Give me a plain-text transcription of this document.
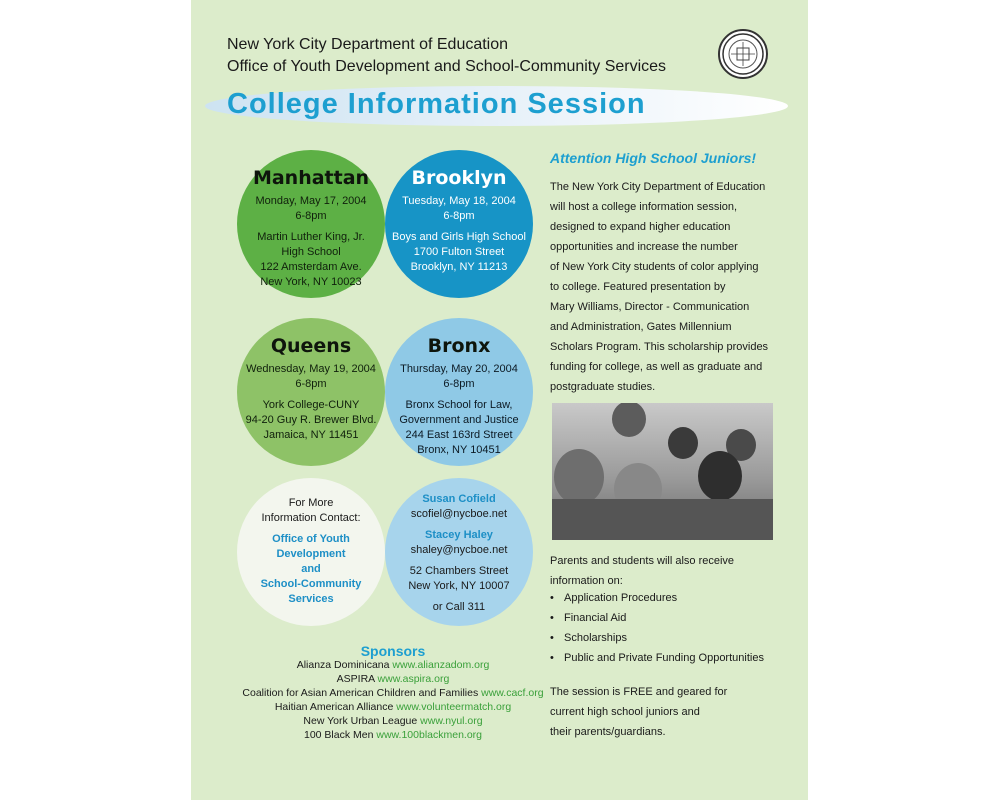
New York City Department of Education
Office of Youth Development and School-Community Services
College Information Session
Manhattan
Monday, May 17, 2004
6-8pm
Martin Luther King, Jr.
High School
122 Amsterdam Ave.
New York, NY 10023
Brooklyn
Tuesday, May 18, 2004
6-8pm
Boys and Girls High School
1700 Fulton Street
Brooklyn, NY 11213
Queens
Wednesday, May 19, 2004
6-8pm
York College-CUNY
94-20 Guy R. Brewer Blvd.
Jamaica, NY 11451
Bronx
Thursday, May 20, 2004
6-8pm
Bronx School for Law,
Government and Justice
244 East 163rd Street
Bronx, NY 10451
For More
Information Contact:
Office of Youth
Development
and
School-Community
Services
Susan Cofield
scofiel@nycboe.net
Stacey Haley
shaley@nycboe.net
52 Chambers Street
New York, NY 10007
or Call 311
Sponsors
Alianza Dominicana www.alianzadom.org
ASPIRA www.aspira.org
Coalition for Asian American Children and Families www.cacf.org
Haitian American Alliance www.volunteermatch.org
New York Urban League www.nyul.org
100 Black Men www.100blackmen.org
Attention High School Juniors!
The New York City Department of Education
will host a college information session,
designed to expand higher education
opportunities and increase the number
of New York City students of color applying
to college. Featured presentation by
Mary Williams, Director - Communication
and Administration, Gates Millennium
Scholars Program. This scholarship provides
funding for college, as well as graduate and
postgraduate studies.
Parents and students will also receive
information on:
• Application Procedures
• Financial Aid
• Scholarships
• Public and Private Funding Opportunities
The session is FREE and geared for
current high school juniors and
their parents/guardians.
